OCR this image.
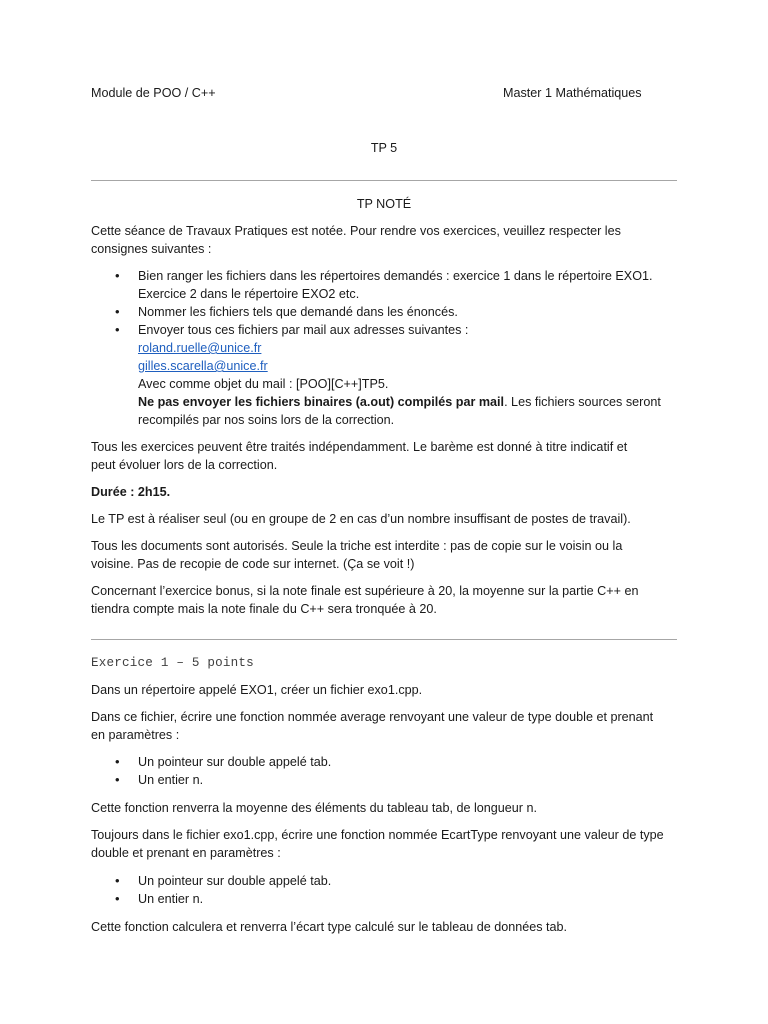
Module de POO / C++	Master 1 Mathématiques
TP 5
TP NOTÉ
Cette séance de Travaux Pratiques est notée. Pour rendre vos exercices, veuillez respecter les
consignes suivantes :
• Bien ranger les fichiers dans les répertoires demandés : exercice 1 dans le répertoire EXO1.
Exercice 2 dans le répertoire EXO2 etc.
• Nommer les fichiers tels que demandé dans les énoncés.
• Envoyer tous ces fichiers par mail aux adresses suivantes :
roland.ruelle@unice.fr
gilles.scarella@unice.fr
Avec comme objet du mail : [POO][C++]TP5.
Ne pas envoyer les fichiers binaires (a.out) compilés par mail. Les fichiers sources seront
recompilés par nos soins lors de la correction.
Tous les exercices peuvent être traités indépendamment. Le barème est donné à titre indicatif et
peut évoluer lors de la correction.
Durée : 2h15.
Le TP est à réaliser seul (ou en groupe de 2 en cas d’un nombre insuffisant de postes de travail).
Tous les documents sont autorisés. Seule la triche est interdite : pas de copie sur le voisin ou la
voisine. Pas de recopie de code sur internet. (Ça se voit !)
Concernant l’exercice bonus, si la note finale est supérieure à 20, la moyenne sur la partie C++ en
tiendra compte mais la note finale du C++ sera tronquée à 20.
Exercice 1 – 5 points
Dans un répertoire appelé EXO1, créer un fichier exo1.cpp.
Dans ce fichier, écrire une fonction nommée average renvoyant une valeur de type double et prenant
en paramètres :
• Un pointeur sur double appelé tab.
• Un entier n.
Cette fonction renverra la moyenne des éléments du tableau tab, de longueur n.
Toujours dans le fichier exo1.cpp, écrire une fonction nommée EcartType renvoyant une valeur de type
double et prenant en paramètres :
• Un pointeur sur double appelé tab.
• Un entier n.
Cette fonction calculera et renverra l’écart type calculé sur le tableau de données tab.
